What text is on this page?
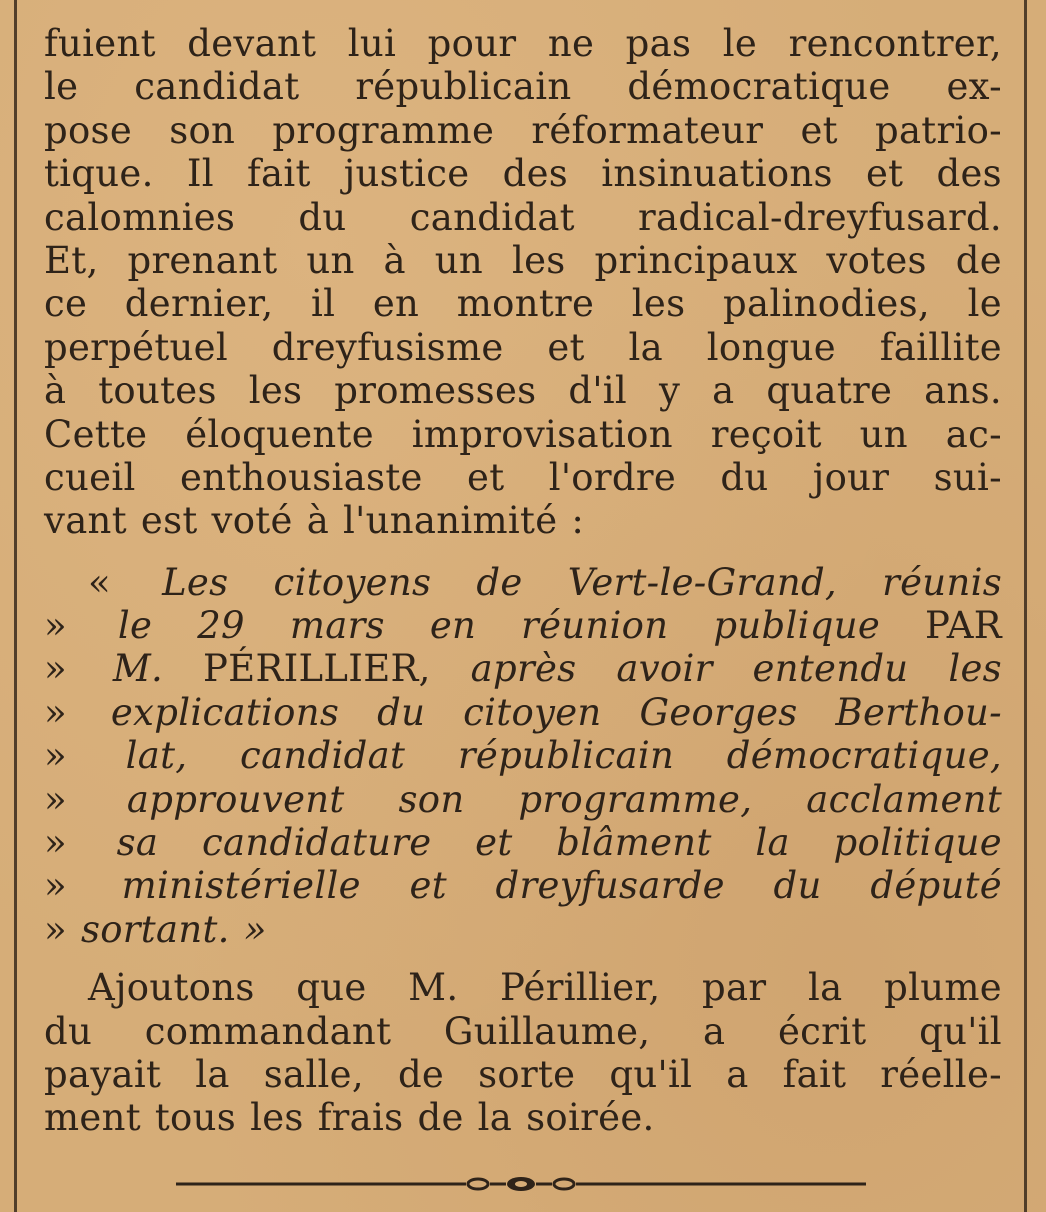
fuient devant lui pour ne pas le rencontrer,
le candidat républicain démocratique ex-
pose son programme réformateur et patrio-
tique. Il fait justice des insinuations et des
calomnies du candidat radical-dreyfusard.
Et, prenant un à un les principaux votes de
ce dernier, il en montre les palinodies, le
perpétuel dreyfusisme et la longue faillite
à toutes les promesses d'il y a quatre ans.
Cette éloquente improvisation reçoit un ac-
cueil enthousiaste et l'ordre du jour sui-
vant est voté à l'unanimité :
« Les citoyens de Vert-le-Grand, réunis
» le 29 mars en réunion publique PAR
» M. PÉRILLIER, après avoir entendu les
» explications du citoyen Georges Berthou-
» lat, candidat républicain démocratique,
» approuvent son programme, acclament
» sa candidature et blâment la politique
» ministérielle et dreyfusarde du député
» sortant. »
Ajoutons que M. Périllier, par la plume
du commandant Guillaume, a écrit qu'il
payait la salle, de sorte qu'il a fait réelle-
ment tous les frais de la soirée.
